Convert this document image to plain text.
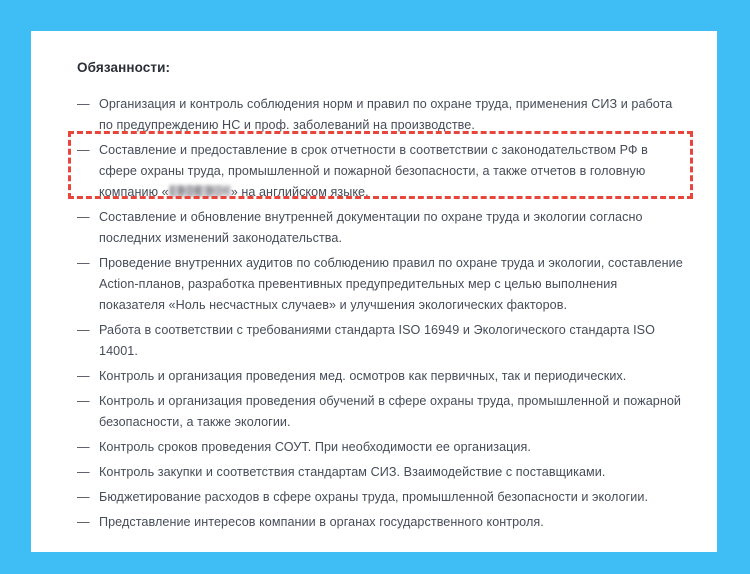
Обязанности:
— Организация и контроль соблюдения норм и правил по охране труда, применения СИЗ и работа по предупреждению НС и проф. заболеваний на производстве.
— Составление и предоставление в срок отчетности в соответствии с законодательством РФ в сфере охраны труда, промышленной и пожарной безопасности, а также отчетов в головную компанию «	» на английском языке.
— Составление и обновление внутренней документации по охране труда и экологии согласно последних изменений законодательства.
— Проведение внутренних аудитов по соблюдению правил по охране труда и экологии, составление Action-планов, разработка превентивных предупредительных мер с целью выполнения показателя «Ноль несчастных случаев» и улучшения экологических факторов.
— Работа в соответствии с требованиями стандарта ISO 16949 и Экологического стандарта ISO 14001.
— Контроль и организация проведения мед. осмотров как первичных, так и периодических.
— Контроль и организация проведения обучений в сфере охраны труда, промышленной и пожарной безопасности, а также экологии.
— Контроль сроков проведения СОУТ. При необходимости ее организация.
— Контроль закупки и соответствия стандартам СИЗ. Взаимодействие с поставщиками.
— Бюджетирование расходов в сфере охраны труда, промышленной безопасности и экологии.
— Представление интересов компании в органах государственного контроля.
